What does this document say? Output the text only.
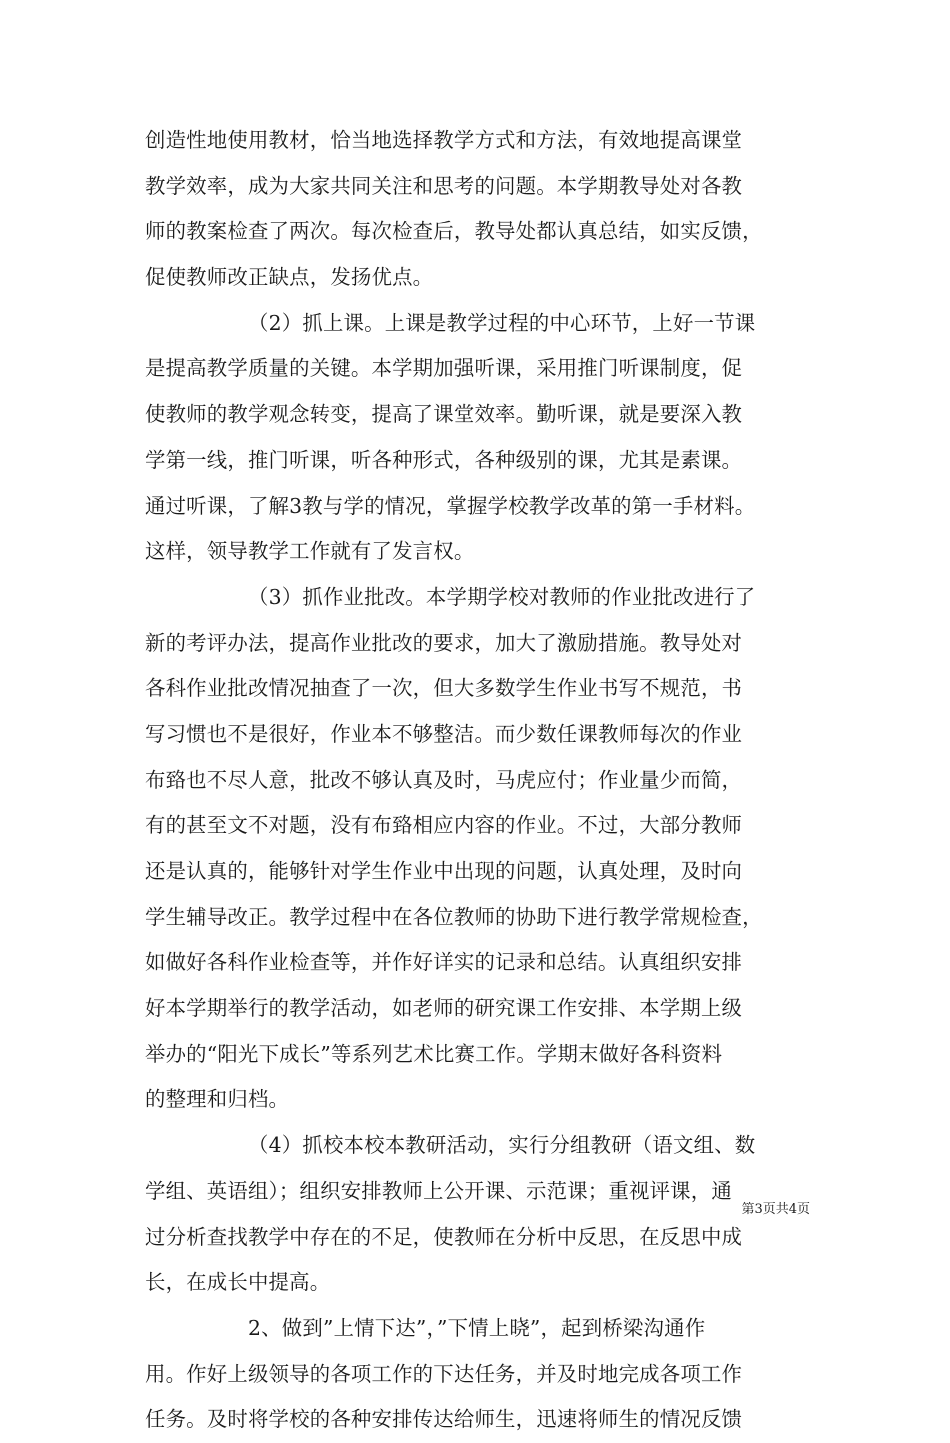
创造性地使用教材，恰当地选择教学方式和方法，有效地提高课堂
教学效率，成为大家共同关注和思考的问题。本学期教导处对各教
师的教案检查了两次。每次检查后，教导处都认真总结，如实反馈，
促使教师改正缺点，发扬优点。
（2）抓上课。上课是教学过程的中心环节，上好一节课
是提高教学质量的关键。本学期加强听课，采用推门听课制度，促
使教师的教学观念转变，提高了课堂效率。勤听课，就是要深入教
学第一线，推门听课，听各种形式，各种级别的课，尤其是素课。
通过听课，了解3教与学的情况，掌握学校教学改革的第一手材料。
这样，领导教学工作就有了发言权。
（3）抓作业批改。本学期学校对教师的作业批改进行了
新的考评办法，提高作业批改的要求，加大了激励措施。教导处对
各科作业批改情况抽查了一次，但大多数学生作业书写不规范，书
写习惯也不是很好，作业本不够整洁。而少数任课教师每次的作业
布臵也不尽人意，批改不够认真及时，马虎应付；作业量少而简，
有的甚至文不对题，没有布臵相应内容的作业。不过，大部分教师
还是认真的，能够针对学生作业中出现的问题，认真处理，及时向
学生辅导改正。教学过程中在各位教师的协助下进行教学常规检查，
如做好各科作业检查等，并作好详实的记录和总结。认真组织安排
好本学期举行的教学活动，如老师的研究课工作安排、本学期上级
举办的“阳光下成长”等系列艺术比赛工作。学期末做好各科资料
的整理和归档。
（4）抓校本校本教研活动，实行分组教研（语文组、数
学组、英语组）；组织安排教师上公开课、示范课；重视评课，通
过分析查找教学中存在的不足，使教师在分析中反思，在反思中成
长，在成长中提高。
2、做到”上情下达”，”下情上晓”，起到桥梁沟通作
用。作好上级领导的各项工作的下达任务，并及时地完成各项工作
任务。及时将学校的各种安排传达给师生，迅速将师生的情况反馈
第3页共4页
